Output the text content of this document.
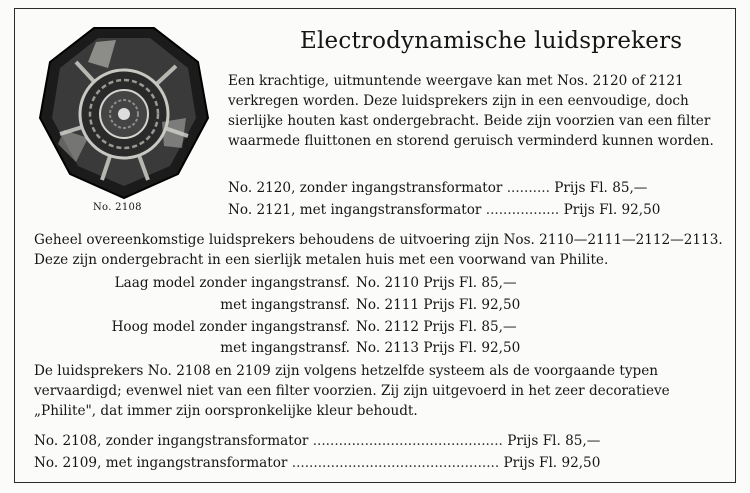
No. 2108
Electrodynamische luidsprekers

Een krachtige, uitmuntende weergave kan met Nos. 2120 of 2121 verkregen worden. Deze luidsprekers zijn in een eenvoudige, doch sierlijke houten kast ondergebracht. Beide zijn voorzien van een filter waarmede fluittonen en storend geruisch verminderd kunnen worden.

No. 2120, zonder ingangstransformator .......... Prijs Fl. 85,—
No. 2121, met ingangstransformator ................. Prijs Fl. 92,50

Geheel overeenkomstige luidsprekers behoudens de uitvoering zijn Nos. 2110—2111—2112—2113. Deze zijn ondergebracht in een sierlijk metalen huis met een voorwand van Philite.

Laag model zonder ingangstransf. No. 2110 Prijs Fl. 85,—
met ingangstransf. No. 2111 Prijs Fl. 92,50
Hoog model zonder ingangstransf. No. 2112 Prijs Fl. 85,—
met ingangstransf. No. 2113 Prijs Fl. 92,50

De luidsprekers No. 2108 en 2109 zijn volgens hetzelfde systeem als de voorgaande typen vervaardigd; evenwel niet van een filter voorzien. Zij zijn uitgevoerd in het zeer decoratieve „Philite", dat immer zijn oorspronkelijke kleur behoudt.

No. 2108, zonder ingangstransformator ............................................ Prijs Fl. 85,—
No. 2109, met ingangstransformator ................................................ Prijs Fl. 92,50
